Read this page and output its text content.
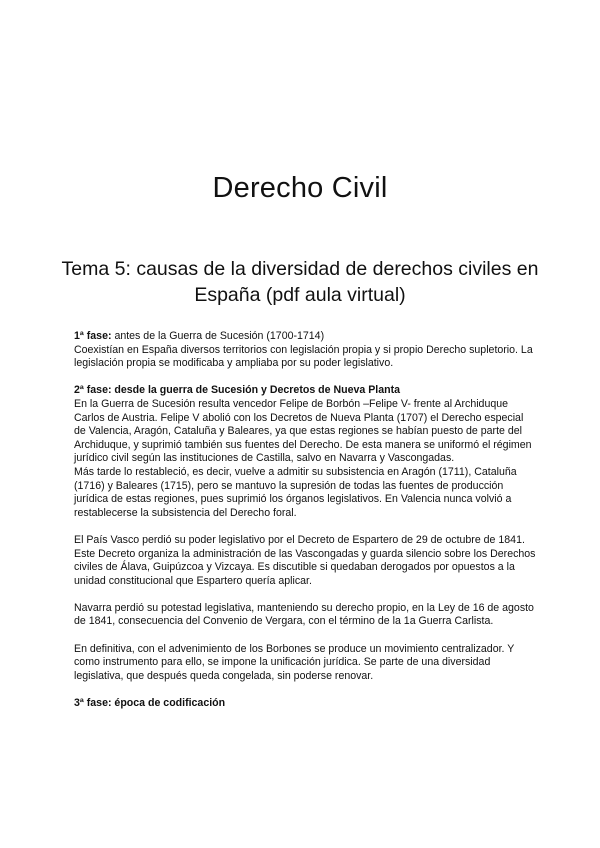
Derecho Civil
Tema 5: causas de la diversidad de derechos civiles en España (pdf aula virtual)

1ª fase: antes de la Guerra de Sucesión (1700-1714)

Coexistían en España diversos territorios con legislación propia y si propio Derecho supletorio. La legislación propia se modificaba y ampliaba por su poder legislativo.

2ª fase: desde la guerra de Sucesión y Decretos de Nueva Planta

En la Guerra de Sucesión resulta vencedor Felipe de Borbón –Felipe V- frente al Archiduque Carlos de Austria. Felipe V abolió con los Decretos de Nueva Planta (1707) el Derecho especial de Valencia, Aragón, Cataluña y Baleares, ya que estas regiones se habían puesto de parte del Archiduque, y suprimió también sus fuentes del Derecho. De esta manera se uniformó el régimen jurídico civil según las instituciones de Castilla, salvo en Navarra y Vascongadas.

Más tarde lo restableció, es decir, vuelve a admitir su subsistencia en Aragón (1711), Cataluña (1716) y Baleares (1715), pero se mantuvo la supresión de todas las fuentes de producción jurídica de estas regiones, pues suprimió los órganos legislativos. En Valencia nunca volvió a restablecerse la subsistencia del Derecho foral.

El País Vasco perdió su poder legislativo por el Decreto de Espartero de 29 de octubre de 1841. Este Decreto organiza la administración de las Vascongadas y guarda silencio sobre los Derechos civiles de Álava, Guipúzcoa y Vizcaya. Es discutible si quedaban derogados por opuestos a la unidad constitucional que Espartero quería aplicar.

Navarra perdió su potestad legislativa, manteniendo su derecho propio, en la Ley de 16 de agosto de 1841, consecuencia del Convenio de Vergara, con el término de la 1a Guerra Carlista.

En definitiva, con el advenimiento de los Borbones se produce un movimiento centralizador. Y como instrumento para ello, se impone la unificación jurídica. Se parte de una diversidad legislativa, que después queda congelada, sin poderse renovar.

3ª fase: época de codificación
